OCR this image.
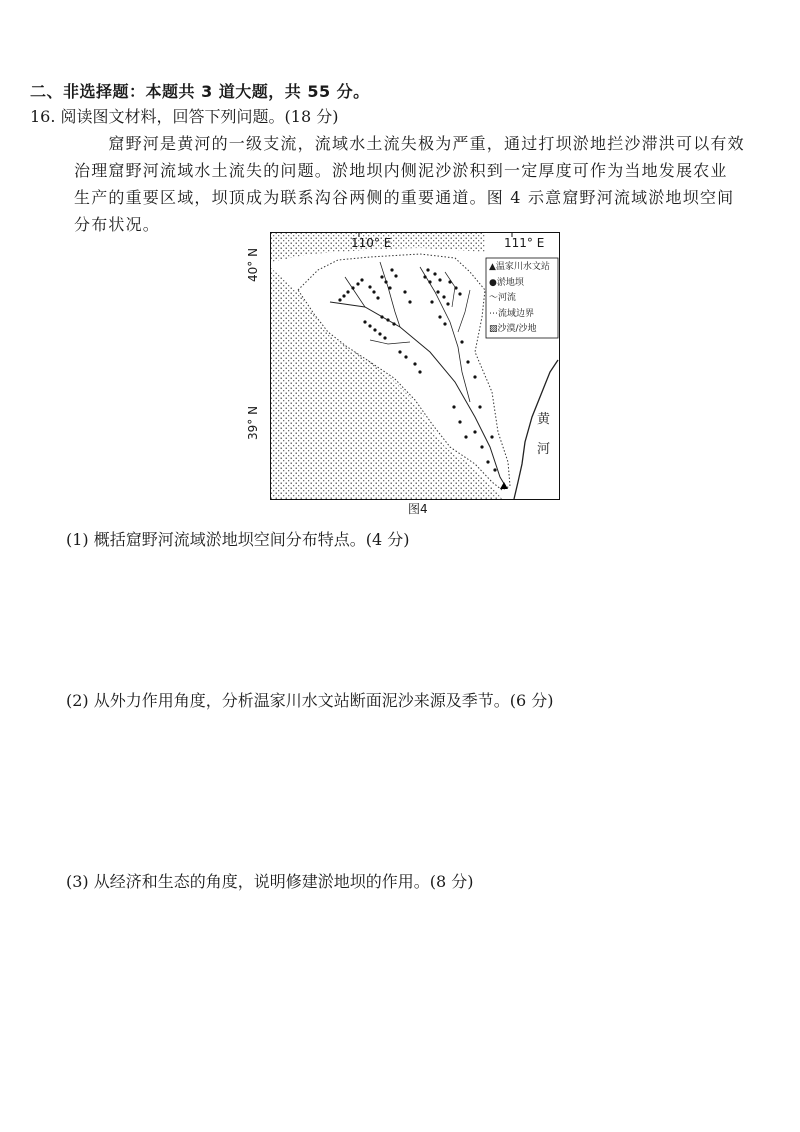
二、非选择题：本题共 3 道大题，共 55 分。
16. 阅读图文材料，回答下列问题。(18 分)
　　窟野河是黄河的一级支流，流域水土流失极为严重，通过打坝淤地拦沙滞洪可以有效
治理窟野河流域水土流失的问题。淤地坝内侧泥沙淤积到一定厚度可作为当地发展农业
生产的重要区域，坝顶成为联系沟谷两侧的重要通道。图 4 示意窟野河流域淤地坝空间
分布状况。
110° E	111° E
40° N
39° N	黄河
▲温家川水文站
●淤地坝
〜河流
⋯流域边界
▨沙漠/沙地
图4
(1) 概括窟野河流域淤地坝空间分布特点。(4 分)
(2) 从外力作用角度，分析温家川水文站断面泥沙来源及季节。(6 分)
(3) 从经济和生态的角度，说明修建淤地坝的作用。(8 分)
